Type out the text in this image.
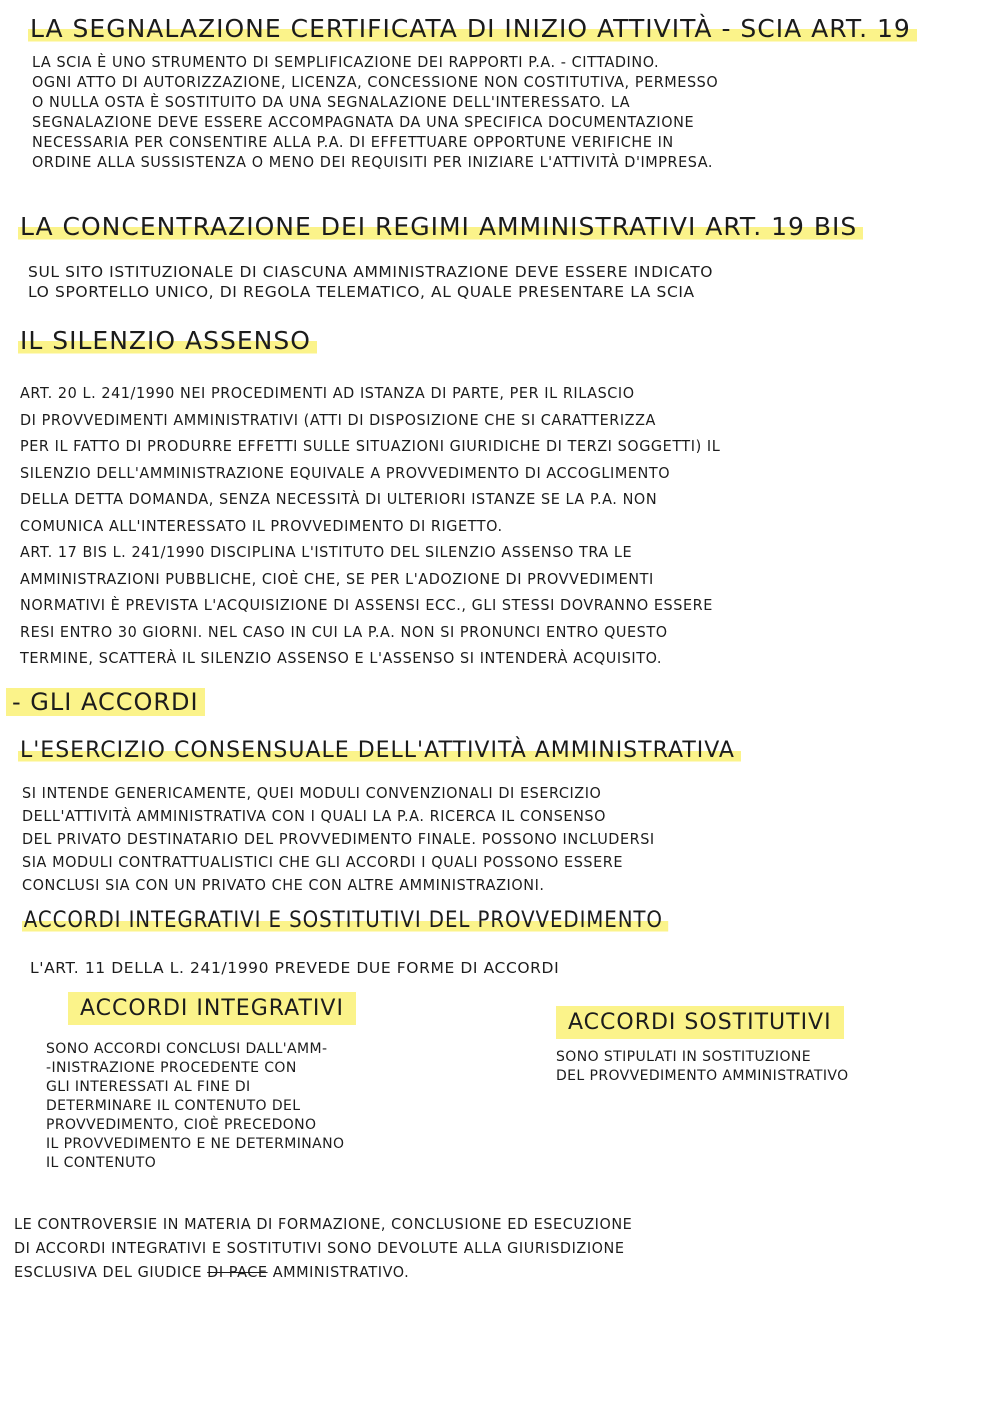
LA SEGNALAZIONE CERTIFICATA DI INIZIO ATTIVITÀ - SCIA ART. 19
LA SCIA È UNO STRUMENTO DI SEMPLIFICAZIONE DEI RAPPORTI P.A. - CITTADINO.
OGNI ATTO DI AUTORIZZAZIONE, LICENZA, CONCESSIONE NON COSTITUTIVA, PERMESSO
O NULLA OSTA È SOSTITUITO DA UNA SEGNALAZIONE DELL'INTERESSATO. LA
SEGNALAZIONE DEVE ESSERE ACCOMPAGNATA DA UNA SPECIFICA DOCUMENTAZIONE
NECESSARIA PER CONSENTIRE ALLA P.A. DI EFFETTUARE OPPORTUNE VERIFICHE IN
ORDINE ALLA SUSSISTENZA O MENO DEI REQUISITI PER INIZIARE L'ATTIVITÀ D'IMPRESA.
LA CONCENTRAZIONE DEI REGIMI AMMINISTRATIVI ART. 19 BIS
SUL SITO ISTITUZIONALE DI CIASCUNA AMMINISTRAZIONE DEVE ESSERE INDICATO
LO SPORTELLO UNICO, DI REGOLA TELEMATICO, AL QUALE PRESENTARE LA SCIA
IL SILENZIO ASSENSO
ART. 20 L. 241/1990 NEI PROCEDIMENTI AD ISTANZA DI PARTE, PER IL RILASCIO
DI PROVVEDIMENTI AMMINISTRATIVI (ATTI DI DISPOSIZIONE CHE SI CARATTERIZZA
PER IL FATTO DI PRODURRE EFFETTI SULLE SITUAZIONI GIURIDICHE DI TERZI SOGGETTI) IL
SILENZIO DELL'AMMINISTRAZIONE EQUIVALE A PROVVEDIMENTO DI ACCOGLIMENTO
DELLA DETTA DOMANDA, SENZA NECESSITÀ DI ULTERIORI ISTANZE SE LA P.A. NON
COMUNICA ALL'INTERESSATO IL PROVVEDIMENTO DI RIGETTO.
ART. 17 BIS L. 241/1990 DISCIPLINA L'ISTITUTO DEL SILENZIO ASSENSO TRA LE
AMMINISTRAZIONI PUBBLICHE, CIOÈ CHE, SE PER L'ADOZIONE DI PROVVEDIMENTI
NORMATIVI È PREVISTA L'ACQUISIZIONE DI ASSENSI ECC., GLI STESSI DOVRANNO ESSERE
RESI ENTRO 30 GIORNI. NEL CASO IN CUI LA P.A. NON SI PRONUNCI ENTRO QUESTO
TERMINE, SCATTERÀ IL SILENZIO ASSENSO E L'ASSENSO SI INTENDERÀ ACQUISITO.
- GLI ACCORDI
L'ESERCIZIO CONSENSUALE DELL'ATTIVITÀ AMMINISTRATIVA
SI INTENDE GENERICAMENTE, QUEI MODULI CONVENZIONALI DI ESERCIZIO
DELL'ATTIVITÀ AMMINISTRATIVA CON I QUALI LA P.A. RICERCA IL CONSENSO
DEL PRIVATO DESTINATARIO DEL PROVVEDIMENTO FINALE. POSSONO INCLUDERSI
SIA MODULI CONTRATTUALISTICI CHE GLI ACCORDI I QUALI POSSONO ESSERE
CONCLUSI SIA CON UN PRIVATO CHE CON ALTRE AMMINISTRAZIONI.
ACCORDI INTEGRATIVI E SOSTITUTIVI DEL PROVVEDIMENTO
L'ART. 11 DELLA L. 241/1990 PREVEDE DUE FORME DI ACCORDI
ACCORDI INTEGRATIVI
SONO ACCORDI CONCLUSI DALL'AMM-
-INISTRAZIONE PROCEDENTE CON
GLI INTERESSATI AL FINE DI
DETERMINARE IL CONTENUTO DEL
PROVVEDIMENTO, CIOÈ PRECEDONO
IL PROVVEDIMENTO E NE DETERMINANO
IL CONTENUTO
ACCORDI SOSTITUTIVI
SONO STIPULATI IN SOSTITUZIONE
DEL PROVVEDIMENTO AMMINISTRATIVO
LE CONTROVERSIE IN MATERIA DI FORMAZIONE, CONCLUSIONE ED ESECUZIONE
DI ACCORDI INTEGRATIVI E SOSTITUTIVI SONO DEVOLUTE ALLA GIURISDIZIONE
ESCLUSIVA DEL GIUDICE DI PACE AMMINISTRATIVO.
